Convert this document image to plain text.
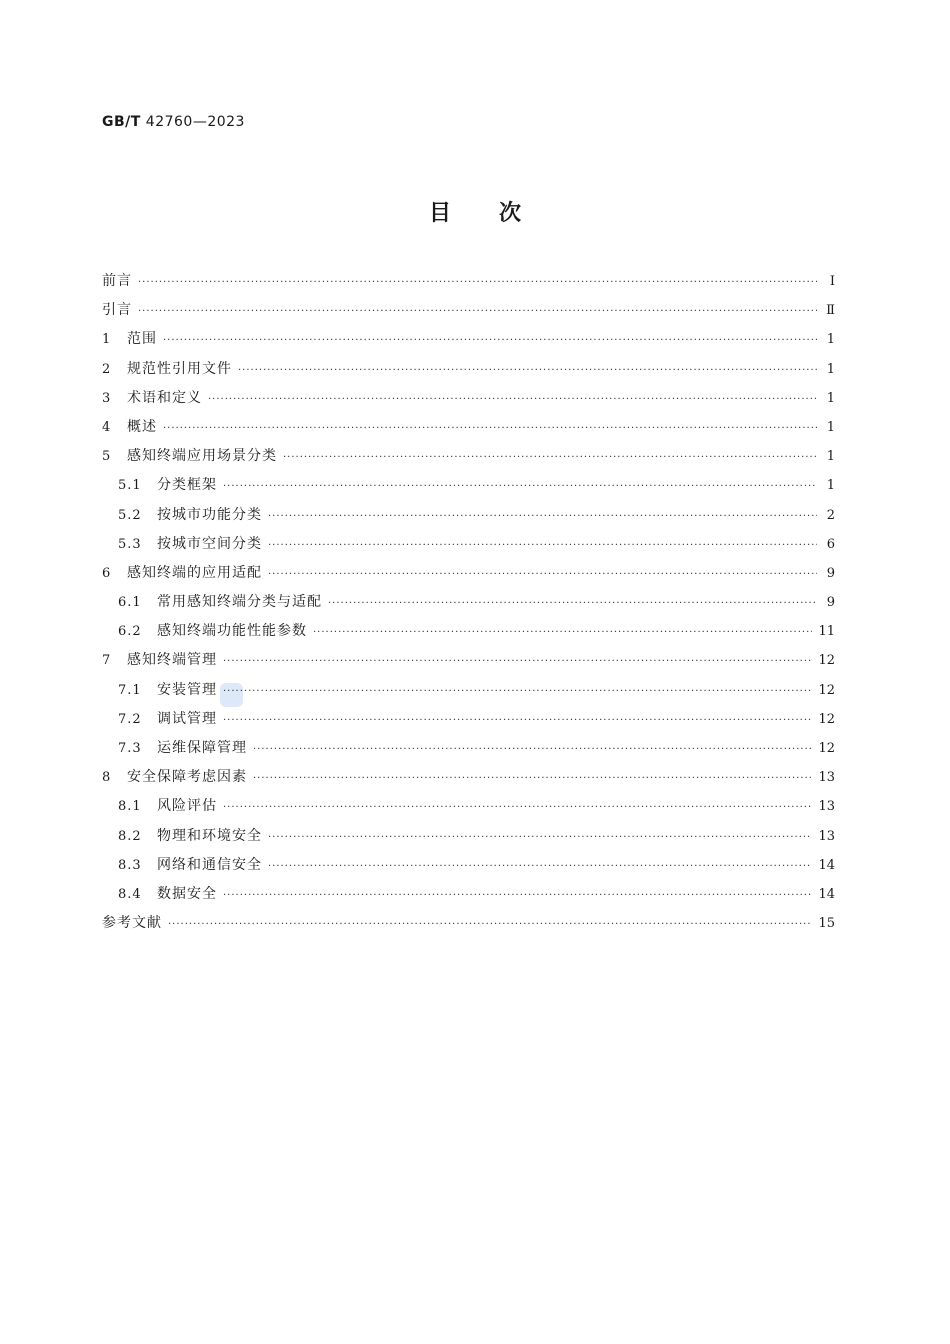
GB/T 42760—2023
目次
前言 ·····	Ⅰ
引言 ·····	Ⅱ
1	范围 ·····	1
2	规范性引用文件 ·····	1
3	术语和定义 ·····	1
4	概述 ·····	1
5	感知终端应用场景分类 ·····	1
5.1	分类框架 ·····	1
5.2	按城市功能分类 ·····	2
5.3	按城市空间分类 ·····	6
6	感知终端的应用适配 ·····	9
6.1	常用感知终端分类与适配 ·····	9
6.2	感知终端功能性能参数 ·····	11
7	感知终端管理 ·····	12
7.1	安装管理 ·····	12
7.2	调试管理 ·····	12
7.3	运维保障管理 ·····	12
8	安全保障考虑因素 ·····	13
8.1	风险评估 ·····	13
8.2	物理和环境安全 ·····	13
8.3	网络和通信安全 ·····	14
8.4	数据安全 ·····	14
参考文献 ·····	15
